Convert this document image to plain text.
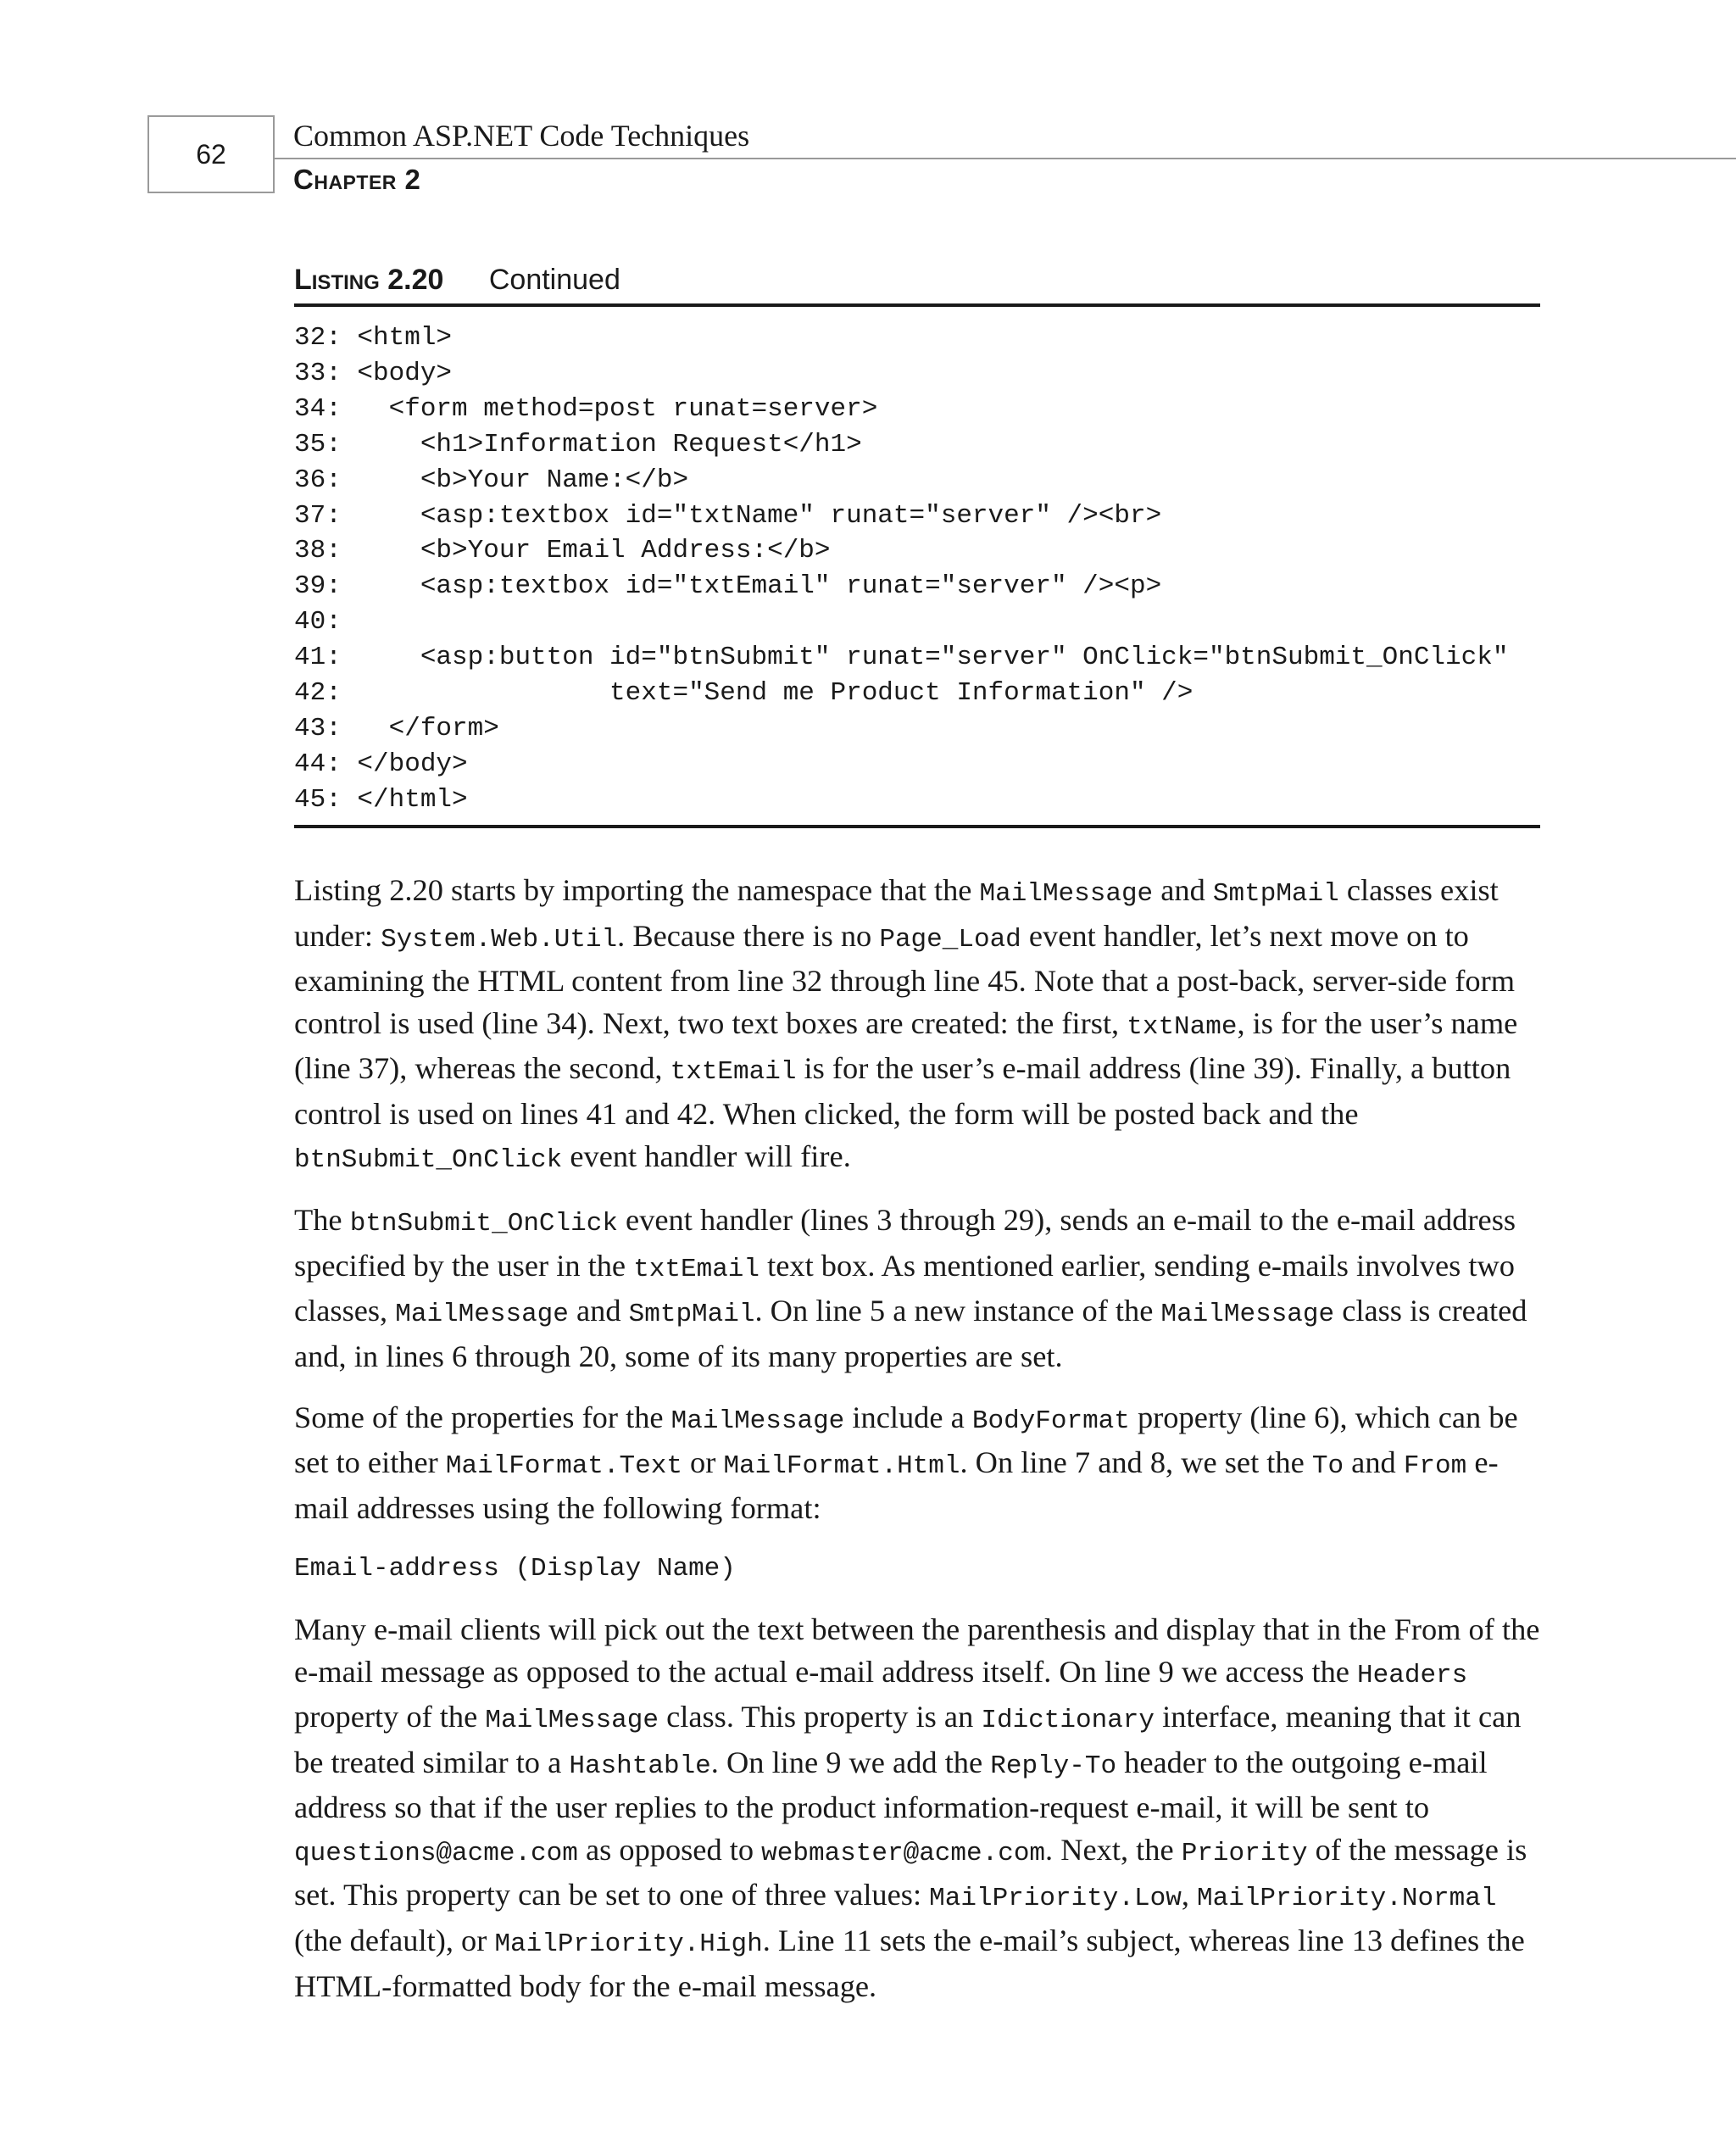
62
Common ASP.NET Code Techniques
Chapter 2
Listing 2.20 Continued
32: <html>
33: <body>
34:   <form method=post runat=server>
35:     <h1>Information Request</h1>
36:     <b>Your Name:</b>
37:     <asp:textbox id="txtName" runat="server" /><br>
38:     <b>Your Email Address:</b>
39:     <asp:textbox id="txtEmail" runat="server" /><p>
40:
41:     <asp:button id="btnSubmit" runat="server" OnClick="btnSubmit_OnClick"
42:                 text="Send me Product Information" />
43:   </form>
44: </body>
45: </html>

Listing 2.20 starts by importing the namespace that the MailMessage and SmtpMail classes exist under: System.Web.Util. Because there is no Page_Load event handler, let’s next move on to examining the HTML content from line 32 through line 45. Note that a post-back, server-side form control is used (line 34). Next, two text boxes are created: the first, txtName, is for the user’s name (line 37), whereas the second, txtEmail is for the user’s e-mail address (line 39). Finally, a button control is used on lines 41 and 42. When clicked, the form will be posted back and the btnSubmit_OnClick event handler will fire.

The btnSubmit_OnClick event handler (lines 3 through 29), sends an e-mail to the e-mail address specified by the user in the txtEmail text box. As mentioned earlier, sending e-mails involves two classes, MailMessage and SmtpMail. On line 5 a new instance of the MailMessage class is created and, in lines 6 through 20, some of its many properties are set.

Some of the properties for the MailMessage include a BodyFormat property (line 6), which can be set to either MailFormat.Text or MailFormat.Html. On line 7 and 8, we set the To and From e-mail addresses using the following format:

Email-address (Display Name)

Many e-mail clients will pick out the text between the parenthesis and display that in the From of the e-mail message as opposed to the actual e-mail address itself. On line 9 we access the Headers property of the MailMessage class. This property is an Idictionary interface, meaning that it can be treated similar to a Hashtable. On line 9 we add the Reply-To header to the outgoing e-mail address so that if the user replies to the product information-request e-mail, it will be sent to questions@acme.com as opposed to webmaster@acme.com. Next, the Priority of the message is set. This property can be set to one of three values: MailPriority.Low, MailPriority.Normal (the default), or MailPriority.High. Line 11 sets the e-mail’s subject, whereas line 13 defines the HTML-formatted body for the e-mail message.
